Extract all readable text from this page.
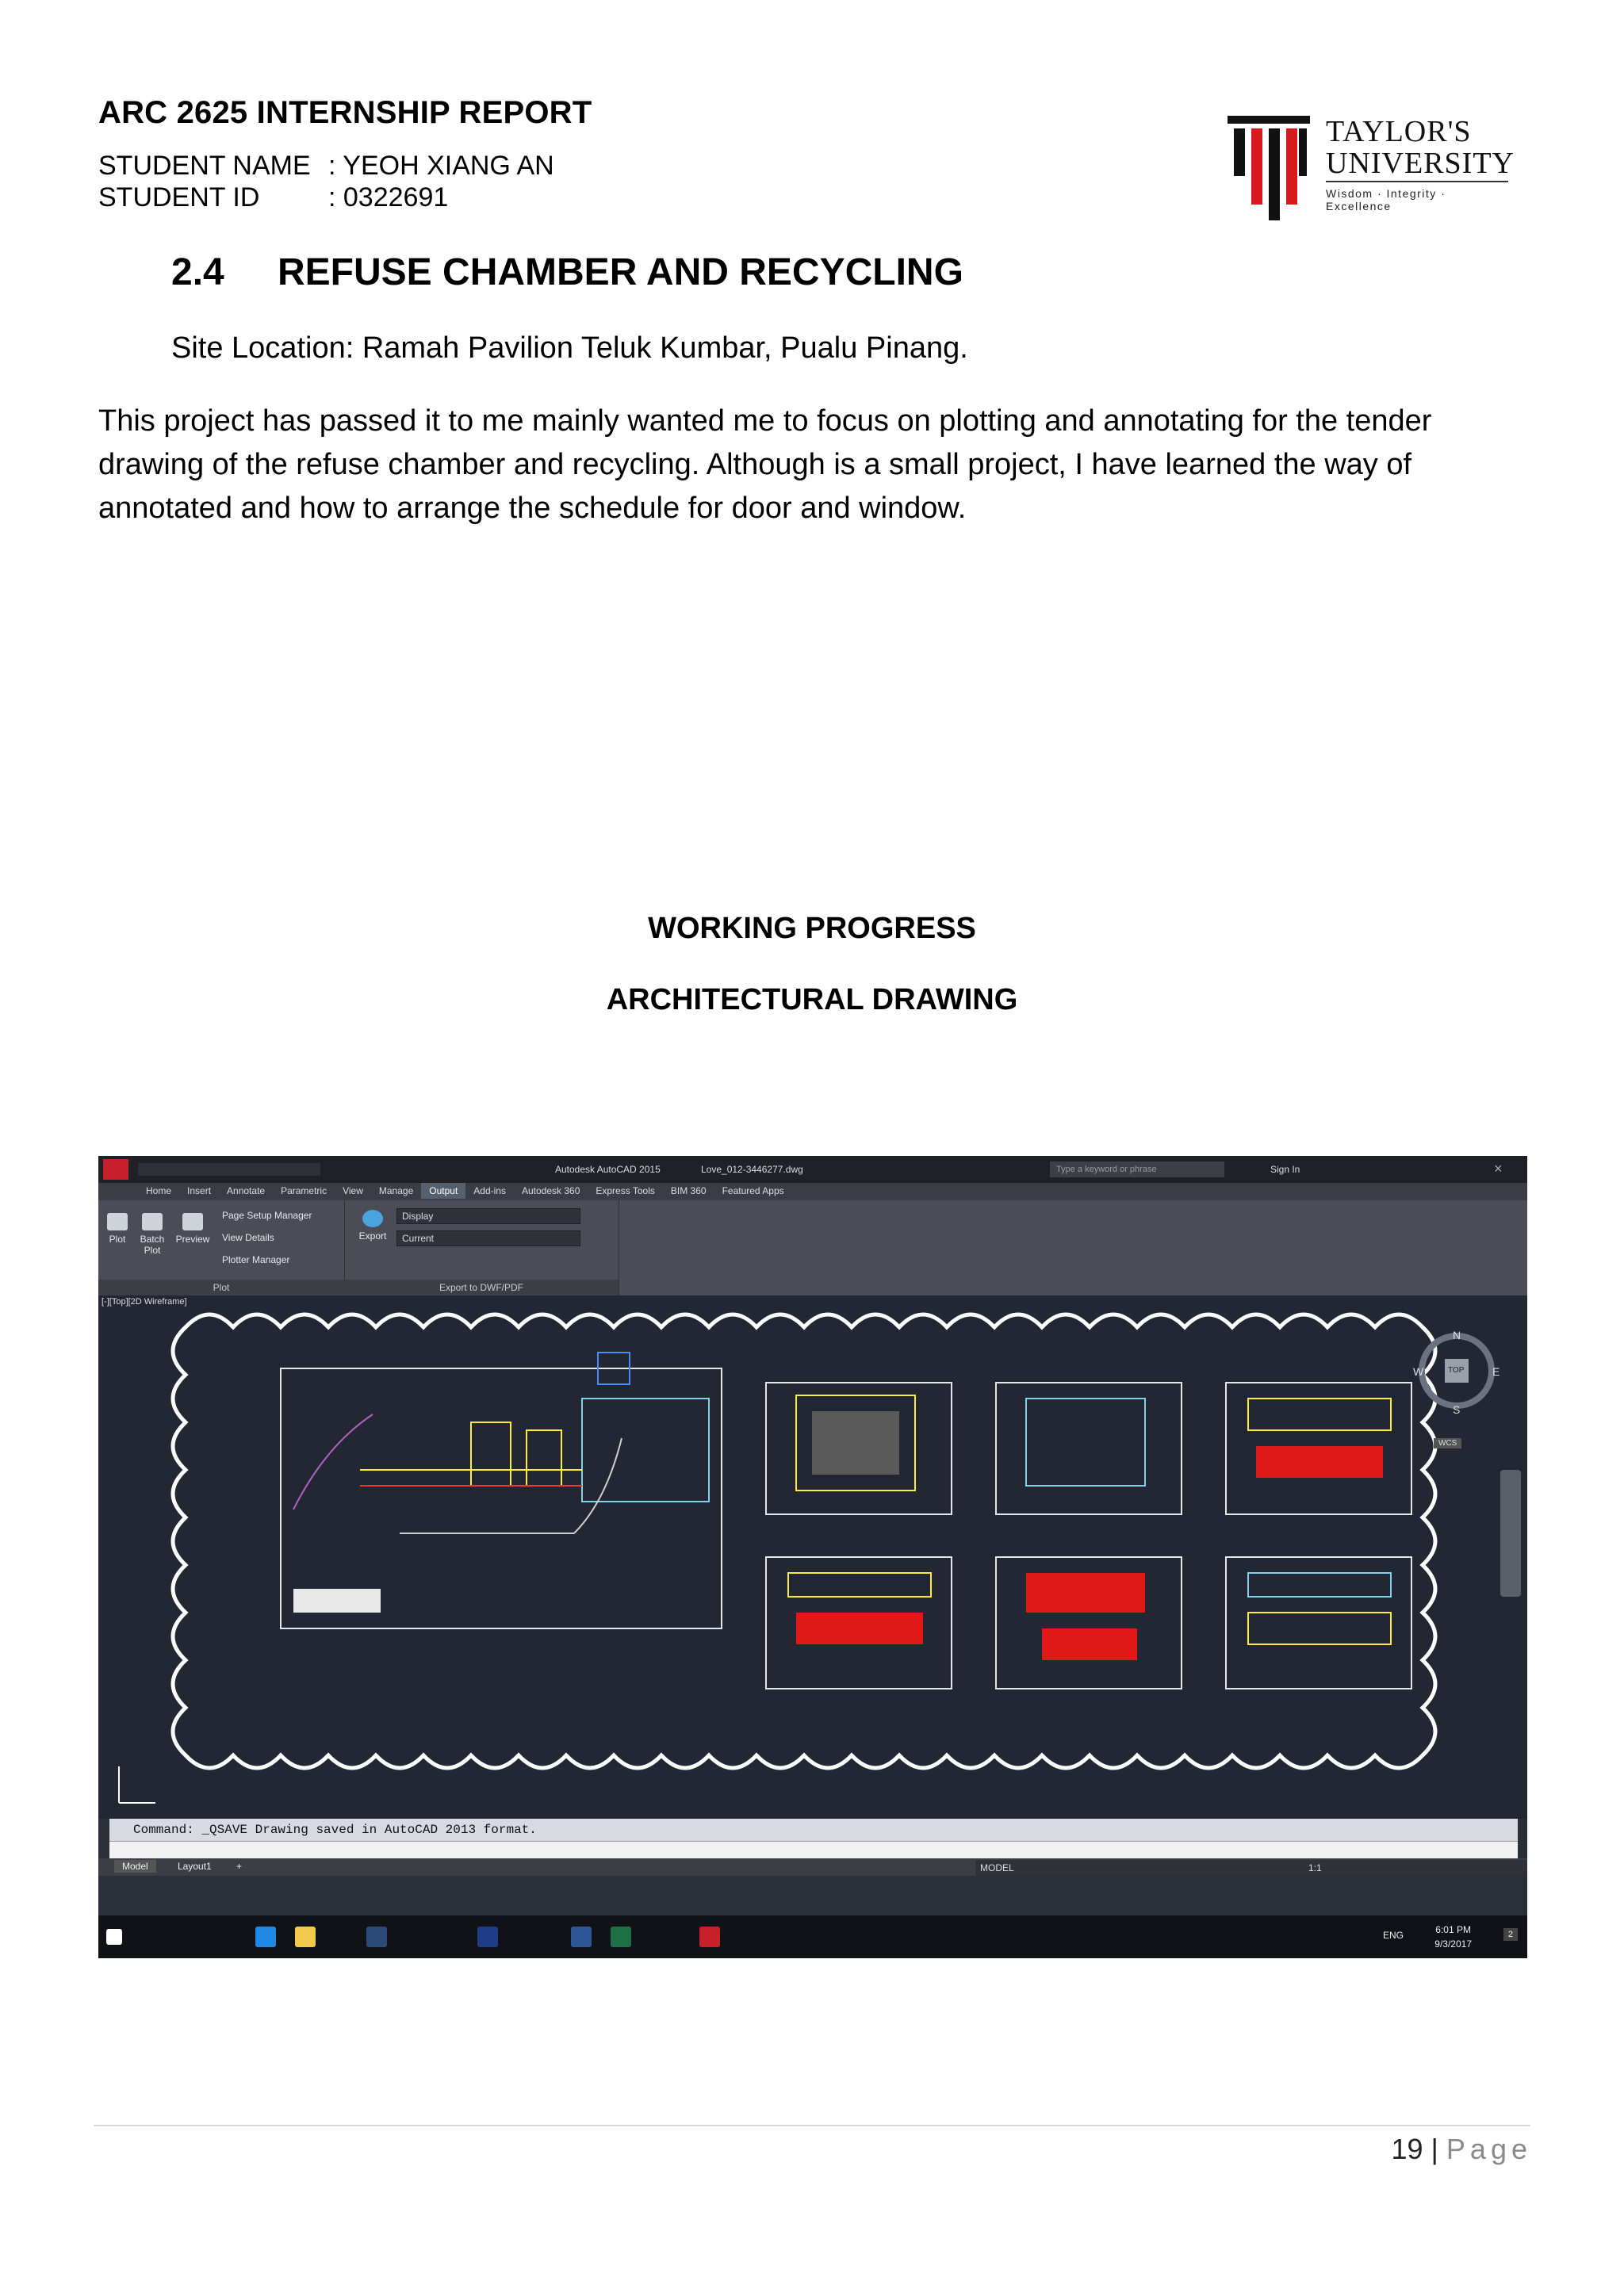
ARC 2625 INTERNSHIP REPORT
STUDENT NAME : YEOH XIANG AN
STUDENT ID	: 0322691
TAYLOR'S
UNIVERSITY
Wisdom · Integrity · Excellence
2.4 REFUSE CHAMBER AND RECYCLING
Site Location: Ramah Pavilion Teluk Kumbar, Pualu Pinang.
This project has passed it to me mainly wanted me to focus on plotting and annotating for the tender drawing of the refuse chamber and recycling. Although is a small project, I have learned the way of annotated and how to arrange the schedule for door and window.
WORKING PROGRESS
ARCHITECTURAL DRAWING
Autodesk AutoCAD 2015	Love_012-3446277.dwg	Type a keyword or phrase	Sign In	×
Home Insert Annotate Parametric View Manage Output Add-ins Autodesk 360 Express Tools BIM 360 Featured Apps
Plot	Batch Plot
Preview
Page Setup Manager
View Details
Plotter Manager
Plot
Export
Display
Current
Export to DWF/PDF
[-][Top][2D Wireframe]
N
S
E
W	TOP
WCS
Command: _QSAVE Drawing saved in AutoCAD 2013 format.
Model	Layout1	+	MODEL	1:1
ENG	6:01 PM
9/3/2017
2
19 | Page
